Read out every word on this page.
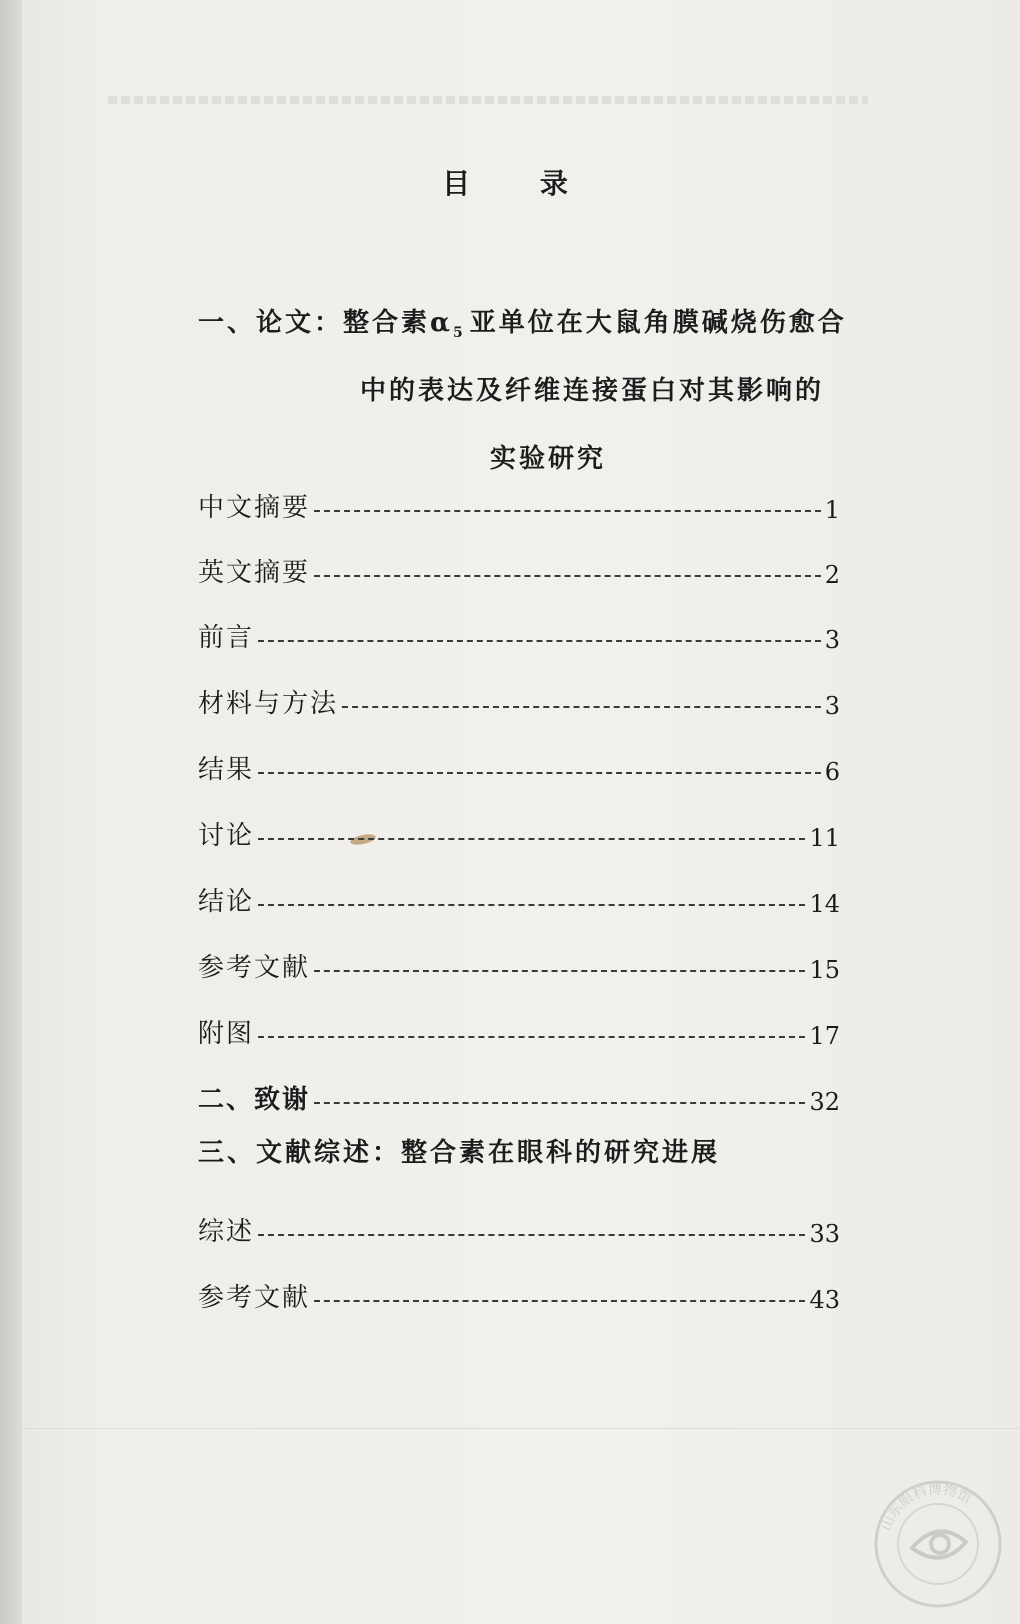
目 录
一、论文：整合素$\alpha_5$ 亚单位在大鼠角膜碱烧伤愈合
中的表达及纤维连接蛋白对其影响的
实验研究
中文摘要	1
英文摘要	2
前言	3
材料与方法	3
结果	6
讨论	11
结论	14
参考文献	15
附图	17
二、致谢	32
三、文献综述：整合素在眼科的研究进展
综述	33
参考文献	43
山东眼科博物馆
